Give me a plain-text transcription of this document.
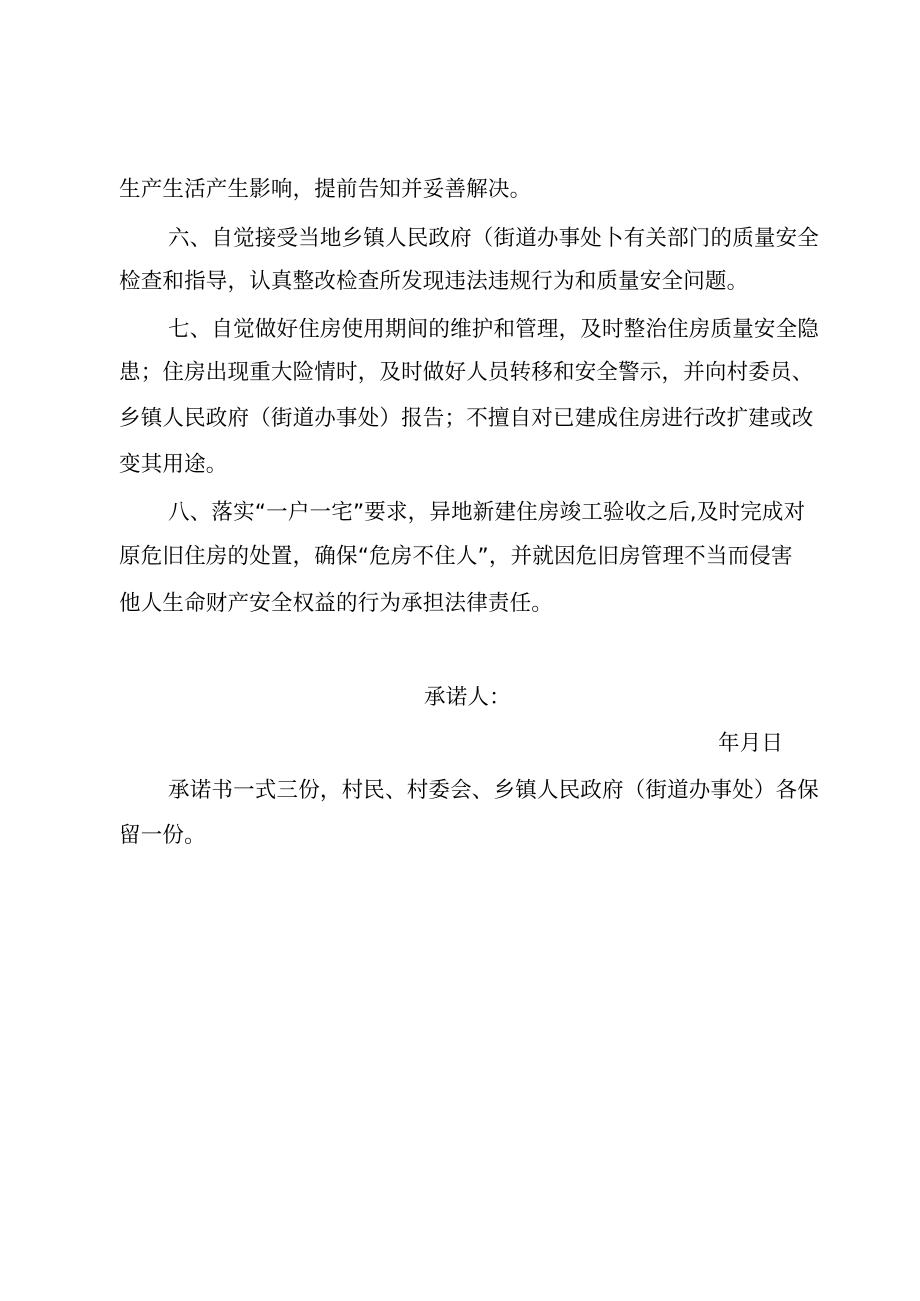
生产生活产生影响，提前告知并妥善解决。
六、自觉接受当地乡镇人民政府（街道办事处卜有关部门的质量安全
检查和指导，认真整改检查所发现违法违规行为和质量安全问题。
七、自觉做好住房使用期间的维护和管理，及时整治住房质量安全隐
患；住房出现重大险情时，及时做好人员转移和安全警示，并向村委员、
乡镇人民政府（街道办事处）报告；不擅自对已建成住房进行改扩建或改
变其用途。
八、落实“一户一宅”要求，异地新建住房竣工验收之后,及时完成对
原危旧住房的处置，确保“危房不住人”，并就因危旧房管理不当而侵害
他人生命财产安全权益的行为承担法律责任。
承诺人：
年月日
承诺书一式三份，村民、村委会、乡镇人民政府（街道办事处）各保
留一份。
